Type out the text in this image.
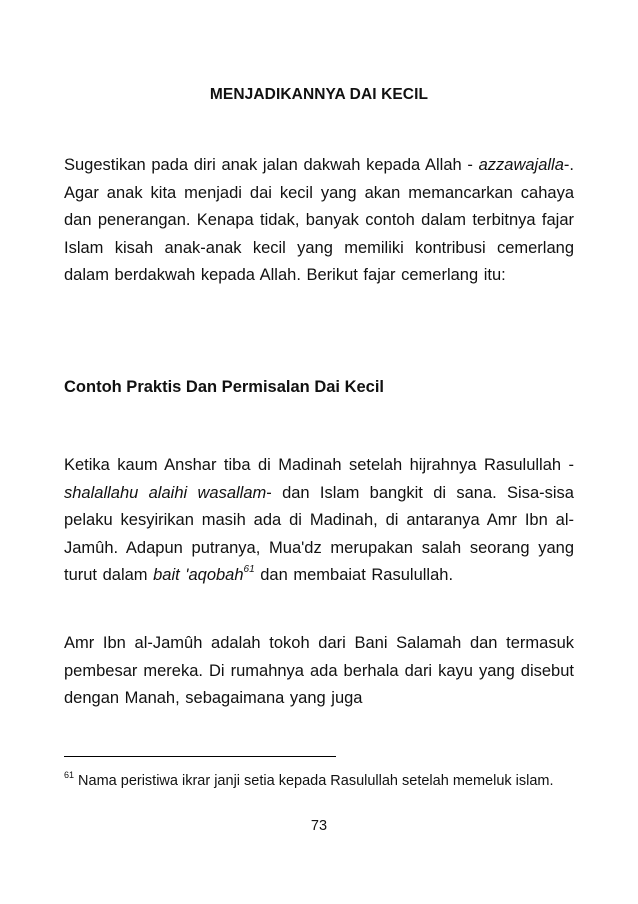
MENJADIKANNYA DAI KECIL
Sugestikan pada diri anak jalan dakwah kepada Allah - azzawajalla-. Agar anak kita menjadi dai kecil yang akan memancarkan cahaya dan penerangan. Kenapa tidak, banyak contoh dalam terbitnya fajar Islam kisah anak-anak kecil yang memiliki kontribusi cemerlang dalam berdakwah kepada Allah. Berikut fajar cemerlang itu:
Contoh Praktis Dan Permisalan Dai Kecil
Ketika kaum Anshar tiba di Madinah setelah hijrahnya Rasulullah -shalallahu alaihi wasallam- dan Islam bangkit di sana. Sisa-sisa pelaku kesyirikan masih ada di Madinah, di antaranya Amr Ibn al-Jamûh. Adapun putranya, Mua'dz merupakan salah seorang yang turut dalam bait 'aqobah$^{61}$ dan membaiat Rasulullah.
Amr Ibn al-Jamûh adalah tokoh dari Bani Salamah dan termasuk pembesar mereka. Di rumahnya ada berhala dari kayu yang disebut dengan Manah, sebagaimana yang juga
$^{61}$ Nama peristiwa ikrar janji setia kepada Rasulullah setelah memeluk islam.
73
